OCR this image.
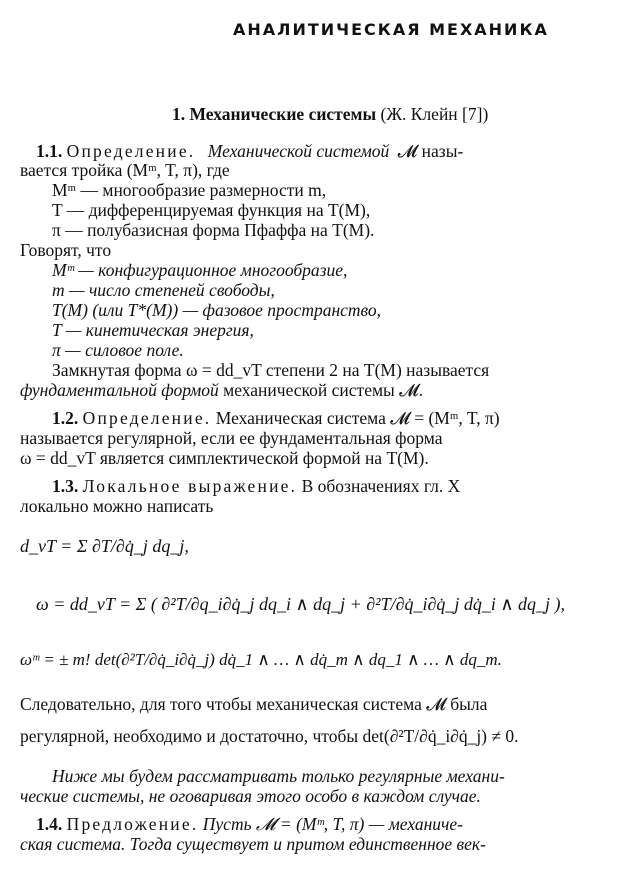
АНАЛИТИЧЕСКАЯ МЕХАНИКА
1. Механические системы (Ж. Клейн [7])
1.1. Определение. Механической системой 𝓜 назы-
вается тройка (Mᵐ, T, π), где
Mᵐ — многообразие размерности m,
T — дифференцируемая функция на T(M),
π — полубазисная форма Пфаффа на T(M).
Говорят, что
Mᵐ — конфигурационное многообразие,
m — число степеней свободы,
T(M) (или T*(M)) — фазовое пространство,
T — кинетическая энергия,
π — силовое поле.
Замкнутая форма ω = dd_vT степени 2 на T(M) называется
фундаментальной формой механической системы 𝓜.
1.2. Определение. Механическая система 𝓜 = (Mᵐ, T, π)
называется регулярной, если ее фундаментальная форма
ω = dd_vT является симплектической формой на T(M).
1.3. Локальное выражение. В обозначениях гл. X
локально можно написать
d_vT = Σ ∂T/∂q̇_j dq_j,
ω = dd_vT = Σ ( ∂²T/∂q_i∂q̇_j dq_i ∧ dq_j + ∂²T/∂q̇_i∂q̇_j dq̇_i ∧ dq_j ),
ωᵐ = ± m! det(∂²T/∂q̇_i∂q̇_j) dq̇_1 ∧ … ∧ dq̇_m ∧ dq_1 ∧ … ∧ dq_m.
Следовательно, для того чтобы механическая система 𝓜 была
регулярной, необходимо и достаточно, чтобы det(∂²T/∂q̇_i∂q̇_j) ≠ 0.
Ниже мы будем рассматривать только регулярные механи-
ческие системы, не оговаривая этого особо в каждом случае.
1.4. Предложение. Пусть 𝓜 = (Mᵐ, T, π) — механиче-
ская система. Тогда существует и притом единственное век-
